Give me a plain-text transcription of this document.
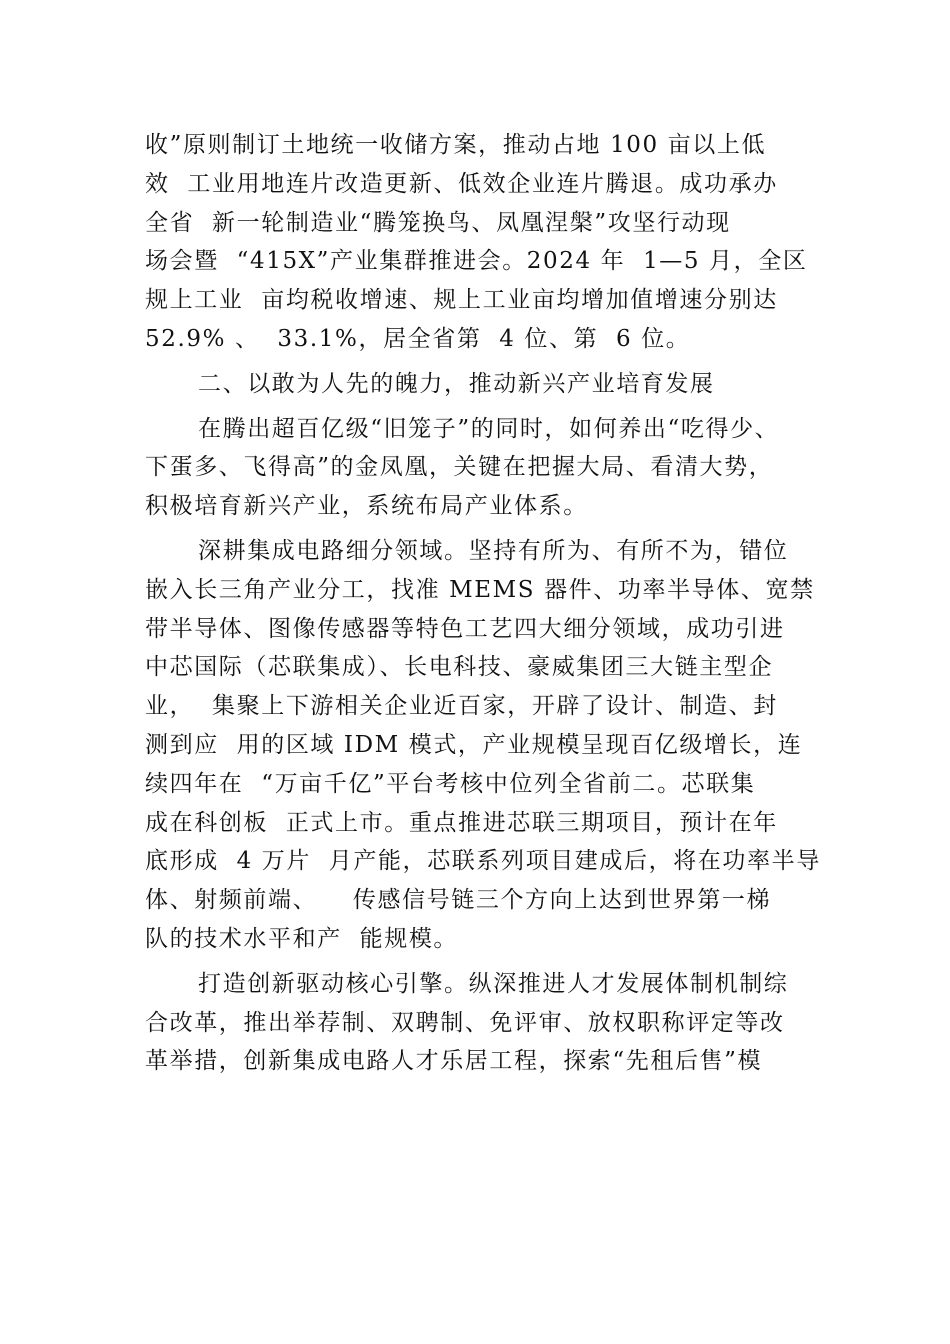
收”原则制订土地统一收储方案，推动占地 100 亩以上低
效  工业用地连片改造更新、低效企业连片腾退。成功承办
全省  新一轮制造业“腾笼换鸟、凤凰涅槃”攻坚行动现
场会暨  “415X”产业集群推进会。2024 年  1—5 月，全区
规上工业  亩均税收增速、规上工业亩均增加值增速分别达
52.9% 、  33.1%，居全省第  4 位、第  6 位。
二、以敢为人先的魄力，推动新兴产业培育发展
在腾出超百亿级“旧笼子”的同时，如何养出“吃得少、
下蛋多、飞得高”的金凤凰，关键在把握大局、看清大势，
积极培育新兴产业，系统布局产业体系。
深耕集成电路细分领域。坚持有所为、有所不为，错位
嵌入长三角产业分工，找准 MEMS 器件、功率半导体、宽禁
带半导体、图像传感器等特色工艺四大细分领域，成功引进
中芯国际（芯联集成）、长电科技、豪威集团三大链主型企
业，  集聚上下游相关企业近百家，开辟了设计、制造、封
测到应  用的区域 IDM 模式，产业规模呈现百亿级增长，连
续四年在  “万亩千亿”平台考核中位列全省前二。芯联集
成在科创板  正式上市。重点推进芯联三期项目，预计在年
底形成  4 万片  月产能，芯联系列项目建成后，将在功率半导
体、射频前端、    传感信号链三个方向上达到世界第一梯
队的技术水平和产  能规模。
打造创新驱动核心引擎。纵深推进人才发展体制机制综
合改革，推出举荐制、双聘制、免评审、放权职称评定等改
革举措，创新集成电路人才乐居工程，探索“先租后售”模
